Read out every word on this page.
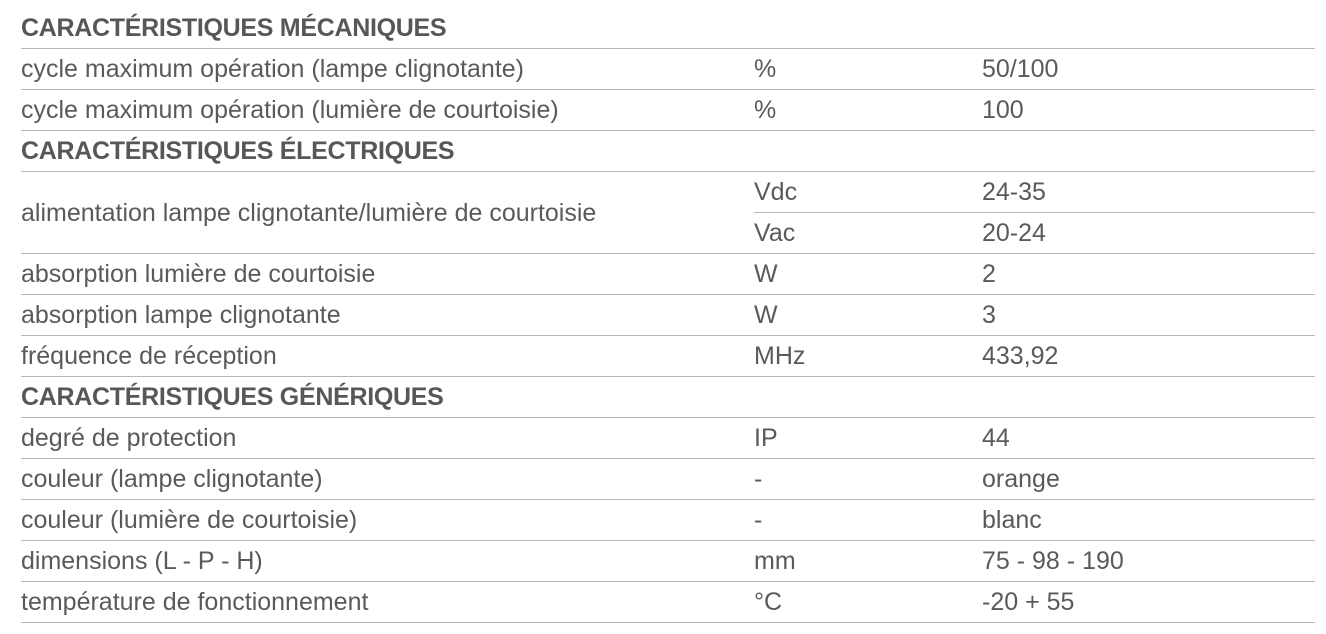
CARACTÉRISTIQUES MÉCANIQUES		
cycle maximum opération (lampe clignotante)	%	50/100
cycle maximum opération (lumière de courtoisie)	%	100
CARACTÉRISTIQUES ÉLECTRIQUES		
alimentation lampe clignotante/lumière de courtoisie	Vdc	24-35
	Vac	20-24
absorption lumière de courtoisie	W	2
absorption lampe clignotante	W	3
fréquence de réception	MHz	433,92
CARACTÉRISTIQUES GÉNÉRIQUES		
degré de protection	IP	44
couleur (lampe clignotante)	-	orange
couleur (lumière de courtoisie)	-	blanc
dimensions (L - P - H)	mm	75 - 98 - 190
température de fonctionnement	°C	-20 + 55
